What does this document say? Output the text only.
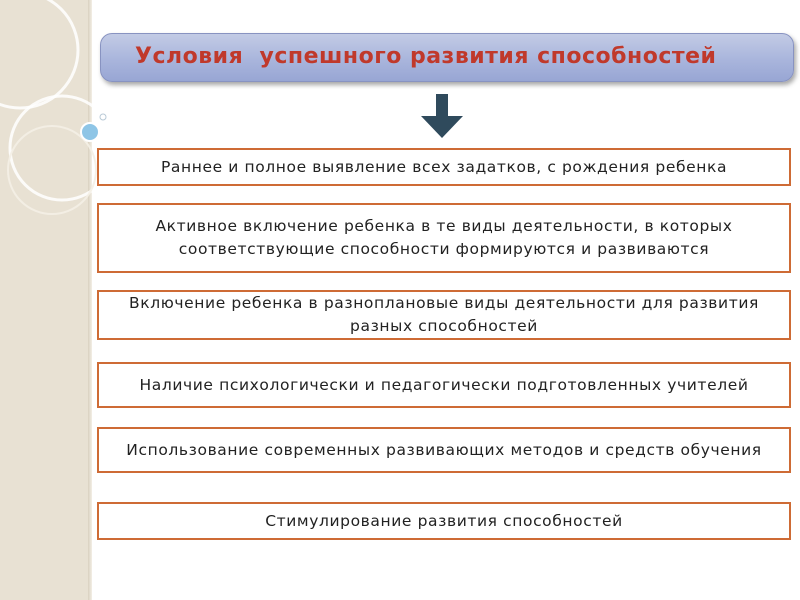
Условия  успешного развития способностей
Раннее и полное выявление всех задатков, с рождения ребенка
Активное включение ребенка в те виды деятельности, в которых соответствующие способности формируются и развиваются
Включение ребенка в разноплановые виды деятельности для развития разных способностей
Наличие психологически и педагогически подготовленных учителей
Использование современных развивающих методов и средств обучения
Стимулирование развития способностей
